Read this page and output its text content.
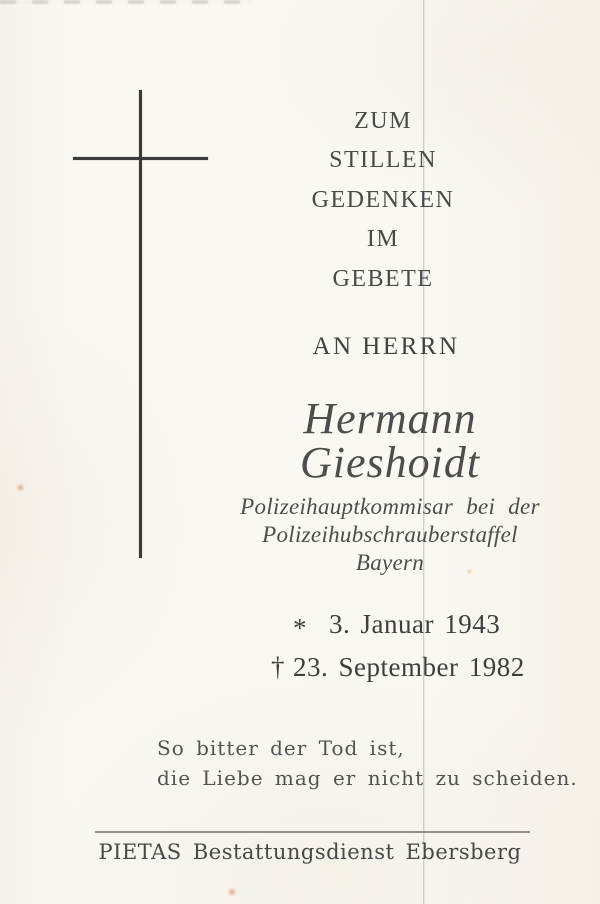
ZUM
STILLEN
GEDENKEN
IM
GEBETE
AN HERRN
Hermann
Gieshoidt
Polizeihauptkommisar bei der
Polizeihubschrauberstaffel
Bayern
* 3. Januar 1943
† 23. September 1982
So bitter der Tod ist,
die Liebe mag er nicht zu scheiden.
PIETAS Bestattungsdienst Ebersberg
